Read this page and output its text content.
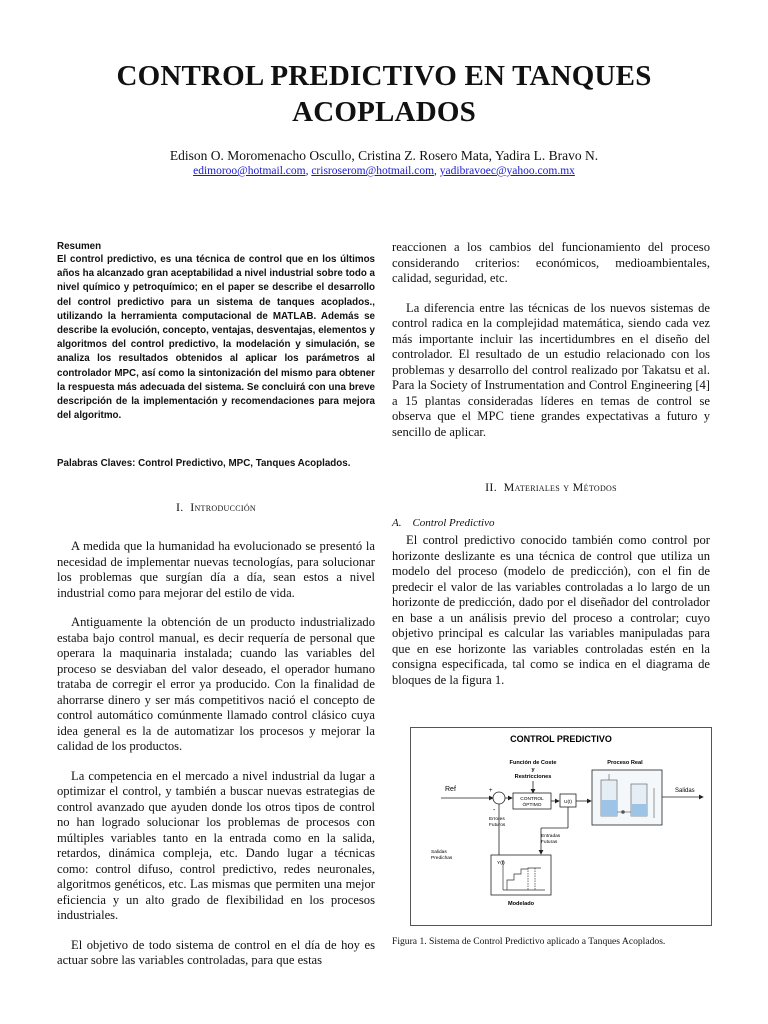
CONTROL PREDICTIVO EN TANQUES ACOPLADOS
Edison O. Moromenacho Oscullo, Cristina Z. Rosero Mata, Yadira L. Bravo N.
edimoroo@hotmail.com, crisroserom@hotmail.com, yadibravoec@yahoo.com.mx

Resumen

El control predictivo, es una técnica de control que en los últimos años ha alcanzado gran aceptabilidad a nivel industrial sobre todo a nivel químico y petroquímico; en el paper se describe el desarrollo del control predictivo para un sistema de tanques acoplados., utilizando la herramienta computacional de MATLAB. Además se describe la evolución, concepto, ventajas, desventajas, elementos y algoritmos del control predictivo, la modelación y simulación, se analiza los resultados obtenidos al aplicar los parámetros al controlador MPC, así como la sintonización del mismo para obtener la respuesta más adecuada del sistema. Se concluirá con una breve descripción de la implementación y recomendaciones para mejora del algoritmo.

Palabras Claves: Control Predictivo, MPC, Tanques Acoplados.

I. Introducción

A medida que la humanidad ha evolucionado se presentó la necesidad de implementar nuevas tecnologías, para solucionar los problemas que surgían día a día, sean estos a nivel industrial como para mejorar del estilo de vida.

Antiguamente la obtención de un producto industrializado estaba bajo control manual, es decir requería de personal que operara la maquinaria instalada; cuando las variables del proceso se desviaban del valor deseado, el operador humano trataba de corregir el error ya producido. Con la finalidad de ahorrarse dinero y ser más competitivos nació el concepto de control automático comúnmente llamado control clásico cuya idea general es la de automatizar los procesos y mejorar la calidad de los productos.

La competencia en el mercado a nivel industrial da lugar a optimizar el control, y también a buscar nuevas estrategias de control avanzado que ayuden donde los otros tipos de control no han logrado solucionar los problemas de procesos con múltiples variables tanto en la entrada como en la salida, retardos, dinámica compleja, etc. Dando lugar a técnicas como: control difuso, control predictivo, redes neuronales, algoritmos genéticos, etc. Las mismas que permiten una mejor eficiencia y un alto grado de flexibilidad en los procesos industriales.

El objetivo de todo sistema de control en el día de hoy es actuar sobre las variables controladas, para que estas

reaccionen a los cambios del funcionamiento del proceso considerando criterios: económicos, medioambientales, calidad, seguridad, etc.

La diferencia entre las técnicas de los nuevos sistemas de control radica en la complejidad matemática, siendo cada vez más importante incluir las incertidumbres en el diseño del controlador. El resultado de un estudio relacionado con los problemas y desarrollo del control realizado por Takatsu et al. Para la Society of Instrumentation and Control Engineering [4] a 15 plantas consideradas líderes en temas de control se observa que el MPC tiene grandes expectativas a futuro y sencillo de aplicar.

II. Materiales y Métodos

A. Control Predictivo

El control predictivo conocido también como control por horizonte deslizante es una técnica de control que utiliza un modelo del proceso (modelo de predicción), con el fin de predecir el valor de las variables controladas a lo largo de un horizonte de predicción, dado por el diseñador del controlador en base a un análisis previo del proceso a controlar; cuyo objetivo principal es calcular las variables manipuladas para que en ese horizonte las variables controladas estén en la consigna especificada, tal como se indica en el diagrama de bloques de la figura 1.

CONTROL PREDICTIVO
Función de Coste
y
Restricciones
Proceso Real
Ref	+
-
CONTROL
ÓPTIMO
U(t)
Salidas
Errores
Futuros
Entradas
Futuras
Salidas
Predichas
Y(t)
Modelado
Figura 1. Sistema de Control Predictivo aplicado a Tanques Acoplados.
